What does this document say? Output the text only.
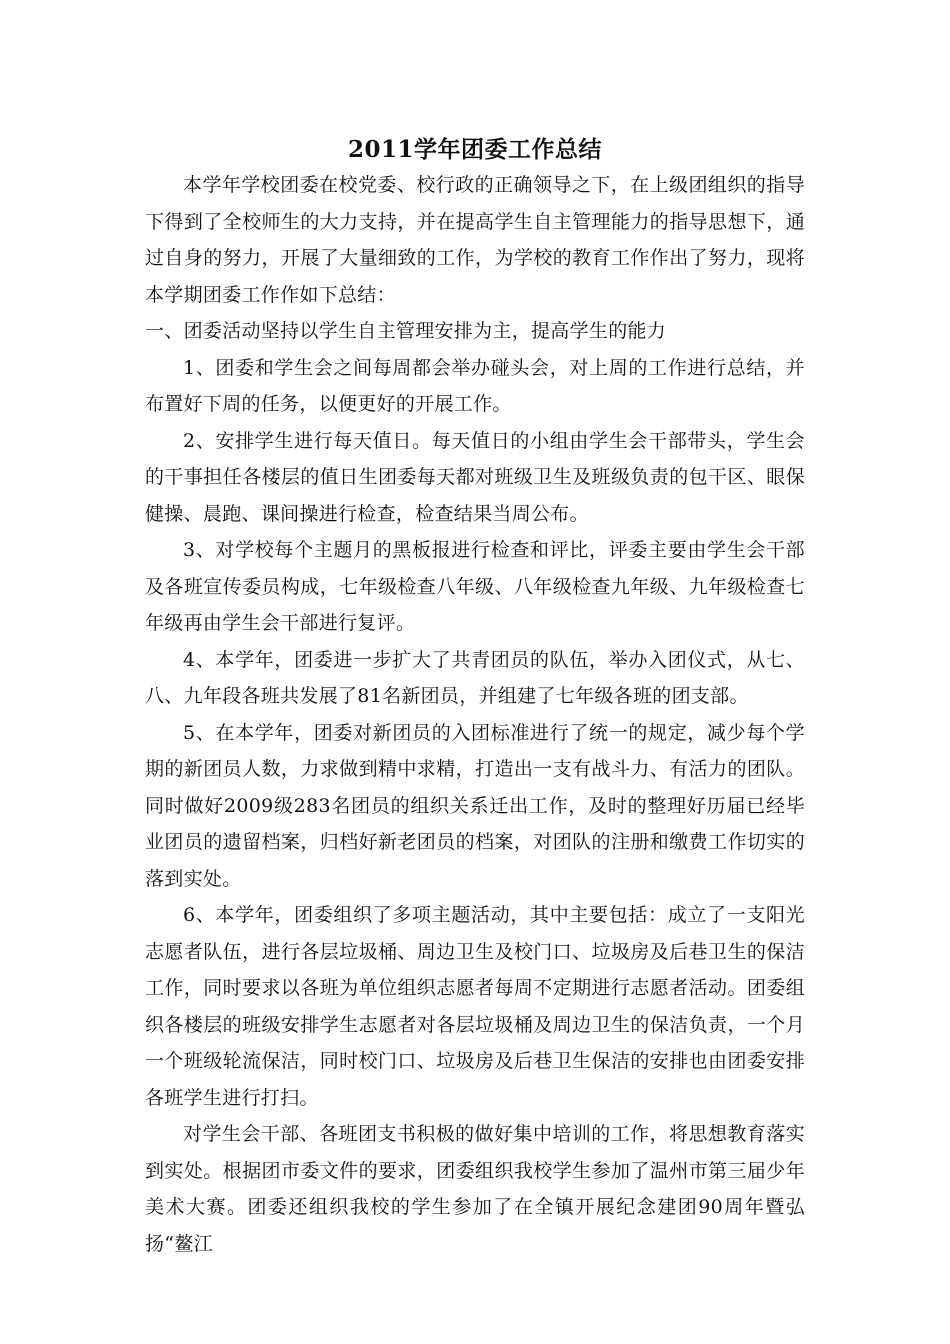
2011学年团委工作总结

本学年学校团委在校党委、校行政的正确领导之下，在上级团组织的指导下得到了全校师生的大力支持，并在提高学生自主管理能力的指导思想下，通过自身的努力，开展了大量细致的工作，为学校的教育工作作出了努力，现将本学期团委工作作如下总结：

一、团委活动坚持以学生自主管理安排为主，提高学生的能力

1、团委和学生会之间每周都会举办碰头会，对上周的工作进行总结，并布置好下周的任务，以便更好的开展工作。

2、安排学生进行每天值日。每天值日的小组由学生会干部带头，学生会的干事担任各楼层的值日生团委每天都对班级卫生及班级负责的包干区、眼保健操、晨跑、课间操进行检查，检查结果当周公布。

3、对学校每个主题月的黑板报进行检查和评比，评委主要由学生会干部及各班宣传委员构成，七年级检查八年级、八年级检查九年级、九年级检查七年级再由学生会干部进行复评。

4、本学年，团委进一步扩大了共青团员的队伍，举办入团仪式，从七、八、九年段各班共发展了81名新团员，并组建了七年级各班的团支部。

5、在本学年，团委对新团员的入团标准进行了统一的规定，减少每个学期的新团员人数，力求做到精中求精，打造出一支有战斗力、有活力的团队。同时做好2009级283名团员的组织关系迁出工作，及时的整理好历届已经毕业团员的遗留档案，归档好新老团员的档案，对团队的注册和缴费工作切实的落到实处。

6、本学年，团委组织了多项主题活动，其中主要包括：成立了一支阳光志愿者队伍，进行各层垃圾桶、周边卫生及校门口、垃圾房及后巷卫生的保洁工作，同时要求以各班为单位组织志愿者每周不定期进行志愿者活动。团委组织各楼层的班级安排学生志愿者对各层垃圾桶及周边卫生的保洁负责，一个月一个班级轮流保洁，同时校门口、垃圾房及后巷卫生保洁的安排也由团委安排各班学生进行打扫。

对学生会干部、各班团支书积极的做好集中培训的工作，将思想教育落实到实处。根据团市委文件的要求，团委组织我校学生参加了温州市第三届少年美术大赛。团委还组织我校的学生参加了在全镇开展纪念建团90周年暨弘扬“鳌江
